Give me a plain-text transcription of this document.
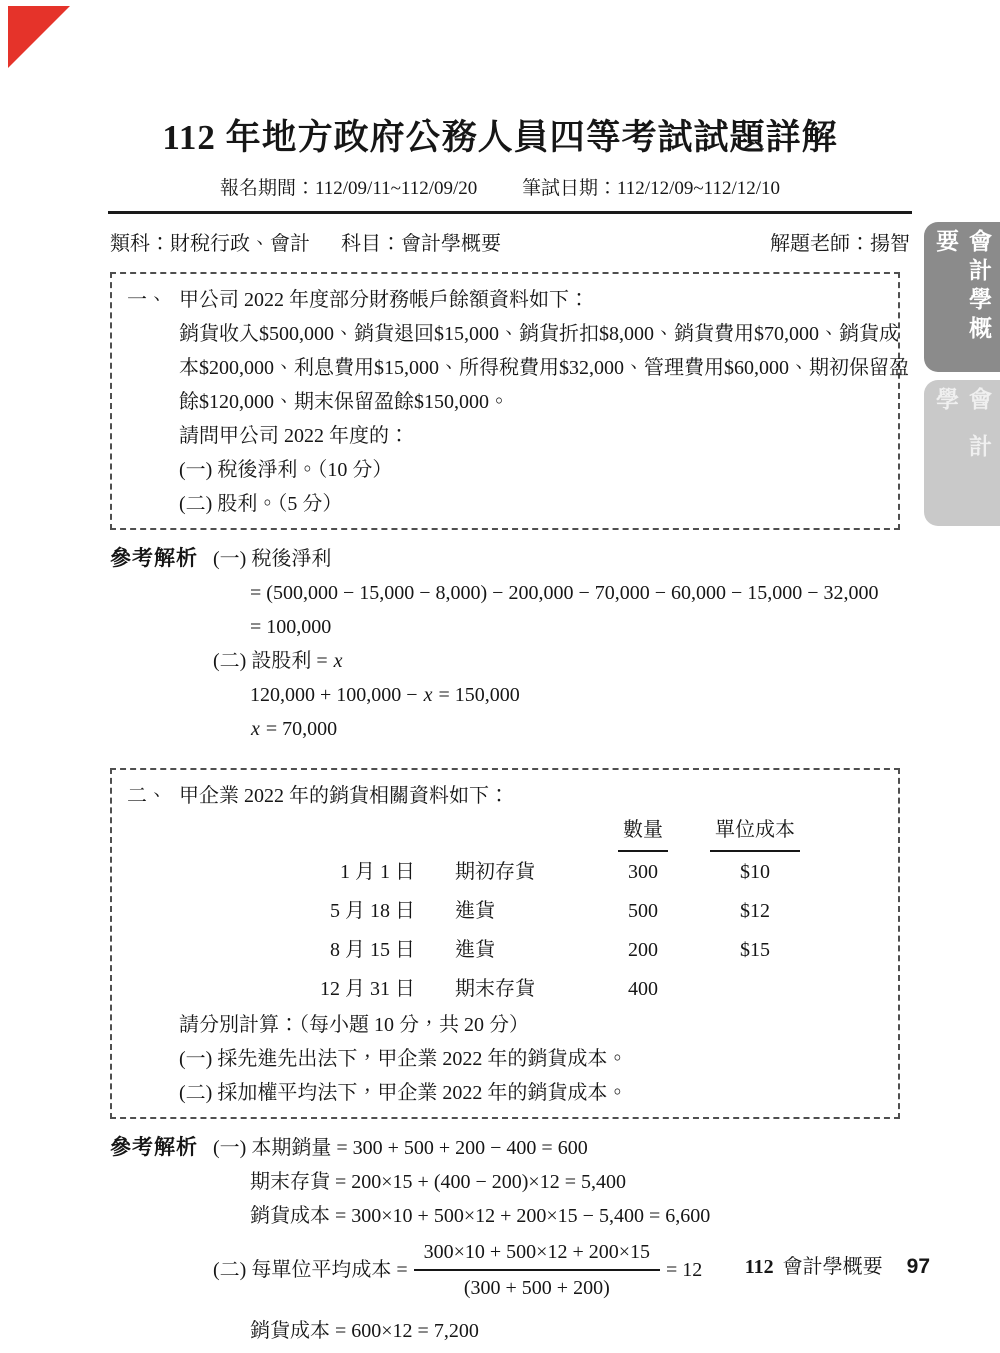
112 年地方政府公務人員四等考試試題詳解
報名期間：112/09/11~112/09/20 筆試日期：112/12/09~112/12/10
類科：財稅行政、會計 科目：會計學概要	解題老師：揚智	會計學概要
會計學
一、 甲公司 2022 年度部分財務帳戶餘額資料如下：
銷貨收入$500,000、銷貨退回$15,000、銷貨折扣$8,000、銷貨費用$70,000、銷貨成
本$200,000、利息費用$15,000、所得稅費用$32,000、管理費用$60,000、期初保留盈
餘$120,000、期末保留盈餘$150,000。
請問甲公司 2022 年度的：
(一) 稅後淨利。（10 分）
(二) 股利。（5 分）
參考解析 (一) 稅後淨利
= (500,000 − 15,000 − 8,000) − 200,000 − 70,000 − 60,000 − 15,000 − 32,000
= 100,000
(二) 設股利 = x
120,000 + 100,000 − x = 150,000
x = 70,000
二、 甲企業 2022 年的銷貨相關資料如下：
		數量	單位成本
1 月 1 日	期初存貨	300	$10
5 月 18 日	進貨	500	$12
8 月 15 日	進貨	200	$15
12 月 31 日	期末存貨	400	
請分別計算：（每小題 10 分，共 20 分）
(一) 採先進先出法下，甲企業 2022 年的銷貨成本。
(二) 採加權平均法下，甲企業 2022 年的銷貨成本。
參考解析 (一) 本期銷量 = 300 + 500 + 200 − 400 = 600
期末存貨 = 200×15 + (400 − 200)×12 = 5,400
銷貨成本 = 300×10 + 500×12 + 200×15 − 5,400 = 6,600
(二) 每單位平均成本 = $\frac{300\times 10 + 500\times 12 + 200\times 15}{(300 + 500 + 200)} = 12$
銷貨成本 = 600×12 = 7,200
112 會計學概要 97
